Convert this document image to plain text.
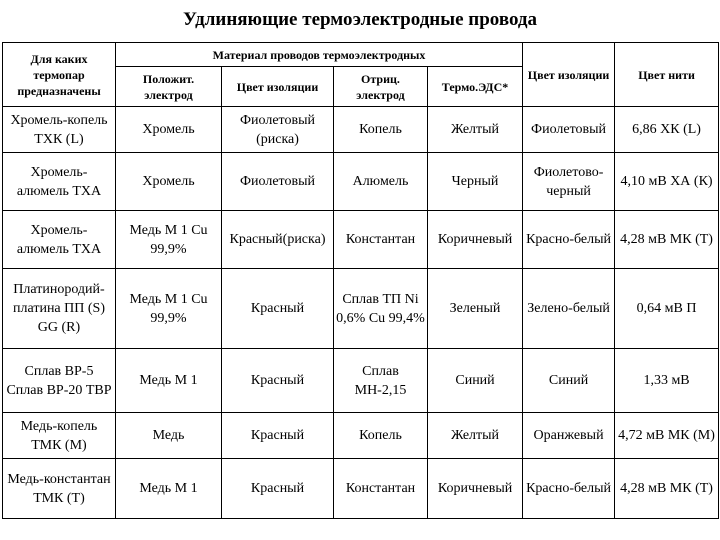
Удлиняющие термоэлектродные провода
Для каких термопар предназначены	Материал проводов термоэлектродных				Цвет изоляции	Цвет нити
	Положит. электрод	Цвет изоляции	Отриц. электрод	Термо.ЭДС*		
Хромель-копель ТХК (L)	Хромель	Фиолетовый (риска)	Копель	Желтый	Фиолетовый	6,86 ХК (L)
Хромель-алюмель ТХА	Хромель	Фиолетовый	Алюмель	Черный	Фиолетово-черный	4,10 мВ ХА (К)
Хромель-алюмель ТХА	Медь М 1 Cu 99,9%	Красный(риска)	Константан	Коричневый	Красно-белый	4,28 мВ МК (Т)
Платинородий-платина ПП (S) GG (R)	Медь М 1 Cu 99,9%	Красный	Сплав ТП Ni 0,6% Cu 99,4%	Зеленый	Зелено-белый	0,64 мВ П
Сплав ВР-5 Сплав ВР-20 ТВР	Медь М 1	Красный	Сплав МН-2,15	Синий	Синий	1,33 мВ
Медь-копель ТМК (М)	Медь	Красный	Копель	Желтый	Оранжевый	4,72 мВ МК (М)
Медь-константан ТМК (Т)	Медь М 1	Красный	Константан	Коричневый	Красно-белый	4,28 мВ МК (Т)
